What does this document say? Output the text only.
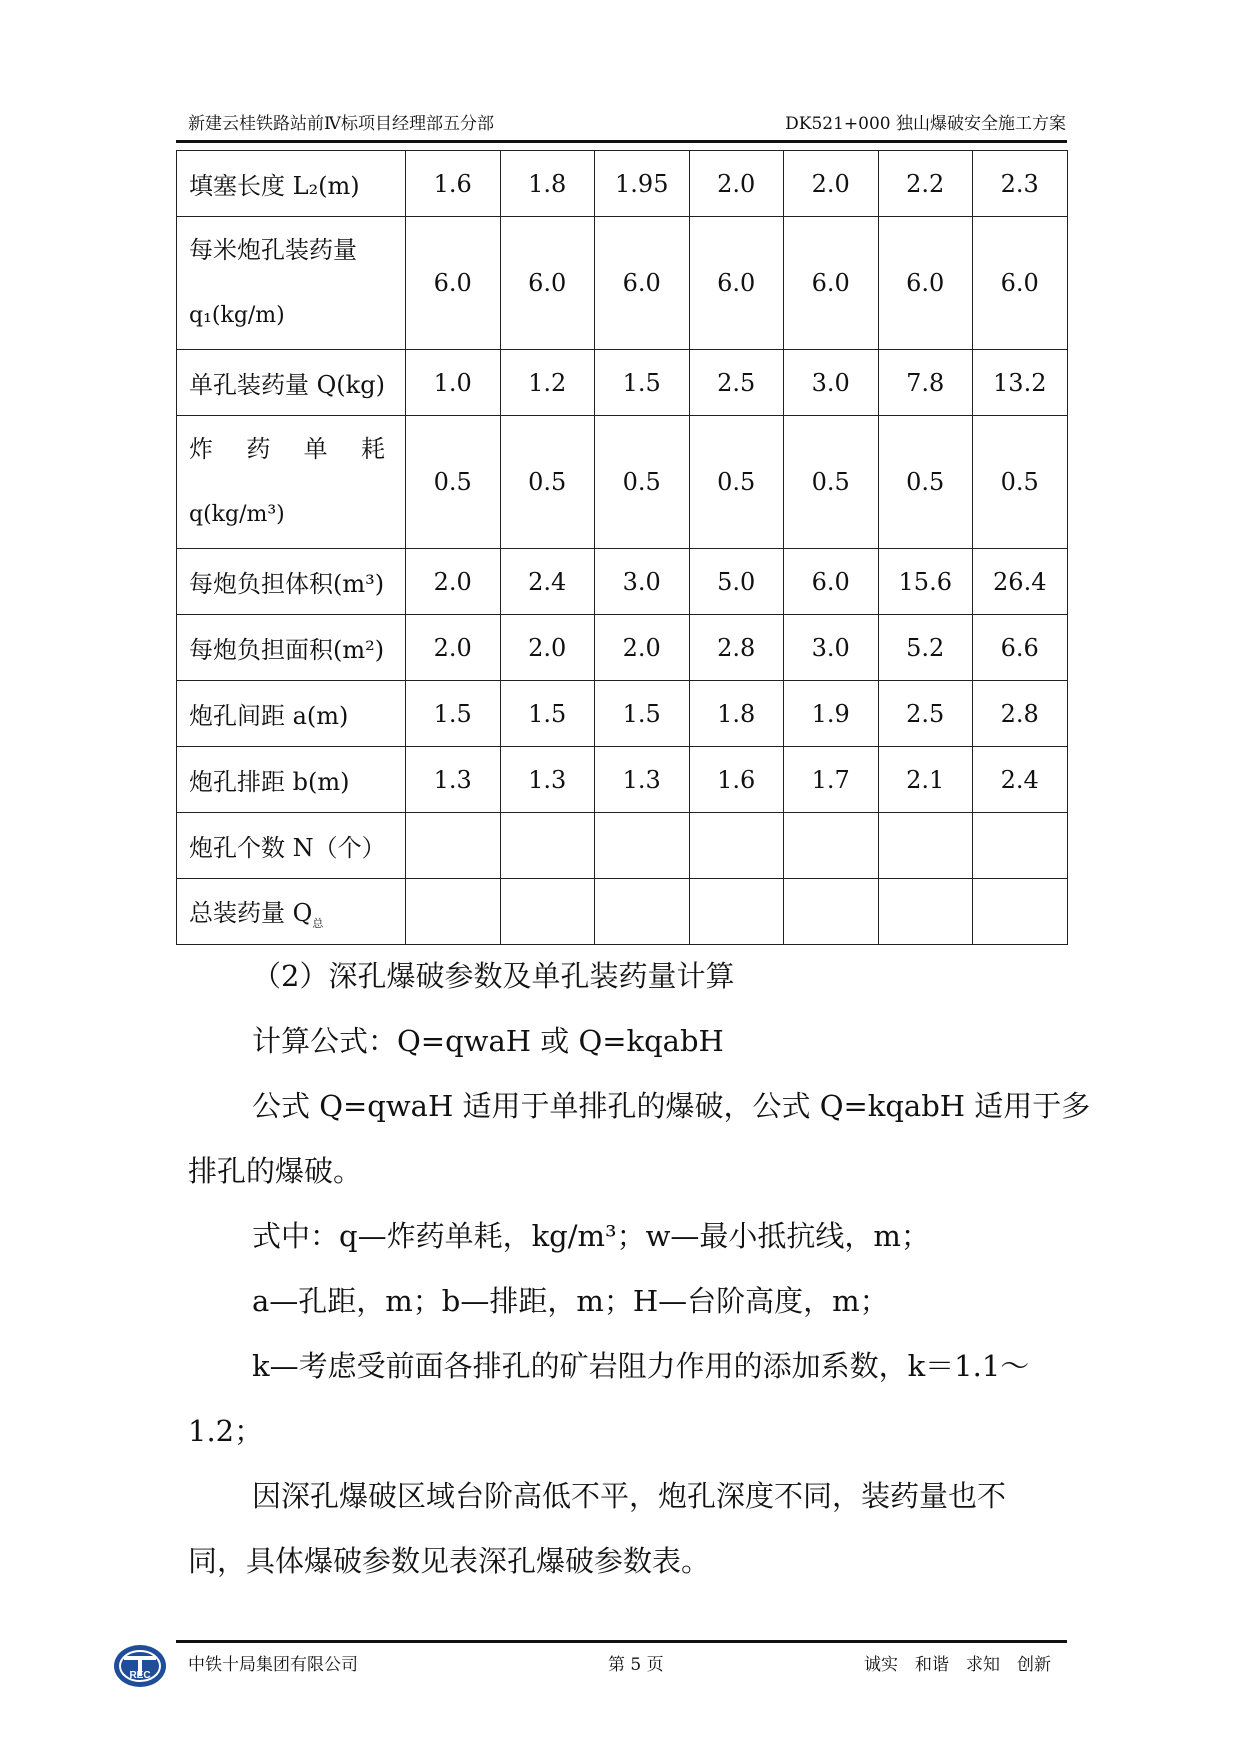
新建云桂铁路站前Ⅳ标项目经理部五分部	DK521+000 独山爆破安全施工方案
填塞长度 L₂(m)	1.6	1.8	1.95	2.0	2.0	2.2	2.3

每米炮孔装药量
q₁(kg/m)	6.0	6.0	6.0	6.0	6.0	6.0	6.0
单孔装药量 Q(kg)	1.0	1.2	1.5	2.5	3.0	7.8	13.2

炸 药 单 耗
q(kg/m³)	0.5	0.5	0.5	0.5	0.5	0.5	0.5
每炮负担体积(m³)	2.0	2.4	3.0	5.0	6.0	15.6	26.4
每炮负担面积(m²)	2.0	2.0	2.0	2.8	3.0	5.2	6.6
炮孔间距 a(m)	1.5	1.5	1.5	1.8	1.9	2.5	2.8
炮孔排距 b(m)	1.3	1.3	1.3	1.6	1.7	2.1	2.4
炮孔个数 N（个）							
总装药量 $Q_总$							
（2）深孔爆破参数及单孔装药量计算
计算公式：Q=qwaH 或 Q=kqabH
公式 Q=qwaH 适用于单排孔的爆破，公式 Q=kqabH 适用于多
排孔的爆破。
式中：q—炸药单耗，kg/m³；w—最小抵抗线，m；
a—孔距，m；b—排距，m；H—台阶高度，m；
k—考虑受前面各排孔的矿岩阻力作用的添加系数，k＝1.1～
1.2；
因深孔爆破区域台阶高低不平，炮孔深度不同，装药量也不
同，具体爆破参数见表深孔爆破参数表。
REC
中铁十局集团有限公司	第 5 页	诚实　和谐　求知　创新
